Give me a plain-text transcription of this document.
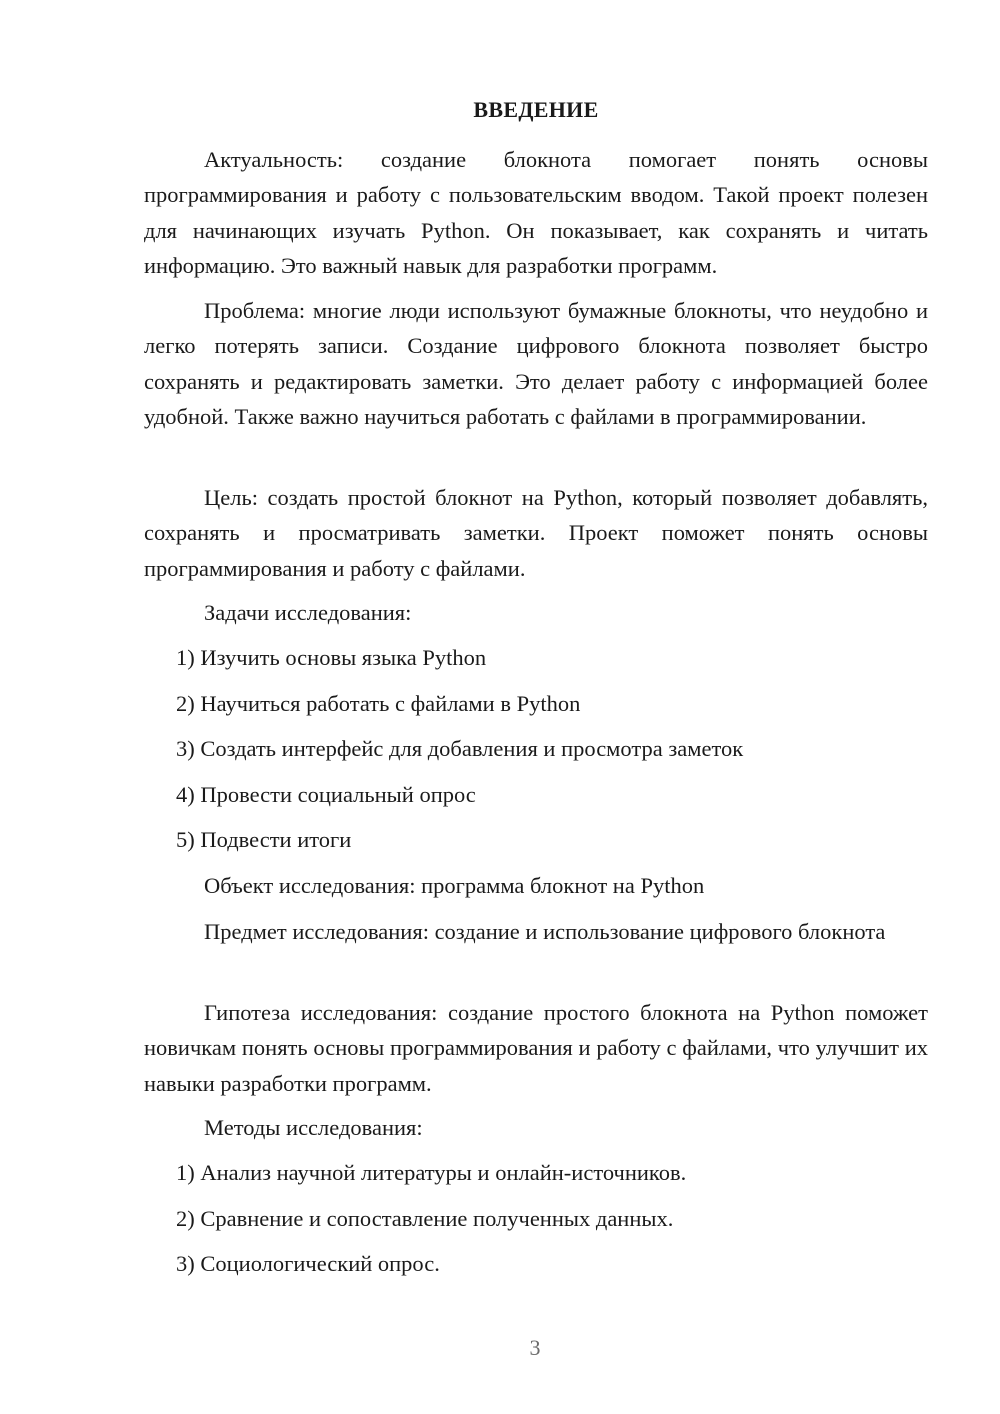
ВВЕДЕНИЕ

Актуальность: создание блокнота помогает понять основы программирования и работу с пользовательским вводом. Такой проект полезен для начинающих изучать Python. Он показывает, как сохранять и читать информацию. Это важный навык для разработки программ.

Проблема: многие люди используют бумажные блокноты, что неудобно и легко потерять записи. Создание цифрового блокнота позволяет быстро сохранять и редактировать заметки. Это делает работу с информацией более удобной. Также важно научиться работать с файлами в программировании.

Цель: создать простой блокнот на Python, который позволяет добавлять, сохранять и просматривать заметки. Проект поможет понять основы программирования и работу с файлами.

Задачи исследования:
1) Изучить основы языка Python
2) Научиться работать с файлами в Python
3) Создать интерфейс для добавления и просмотра заметок
4) Провести социальный опрос
5) Подвести итоги
Объект исследования: программа блокнот на Python

Предмет исследования: создание и использование цифрового блокнота

Гипотеза исследования: создание простого блокнота на Python поможет новичкам понять основы программирования и работу с файлами, что улучшит их навыки разработки программ.

Методы исследования:
1) Анализ научной литературы и онлайн-источников.
2) Сравнение и сопоставление полученных данных.
3) Социологический опрос.
3
